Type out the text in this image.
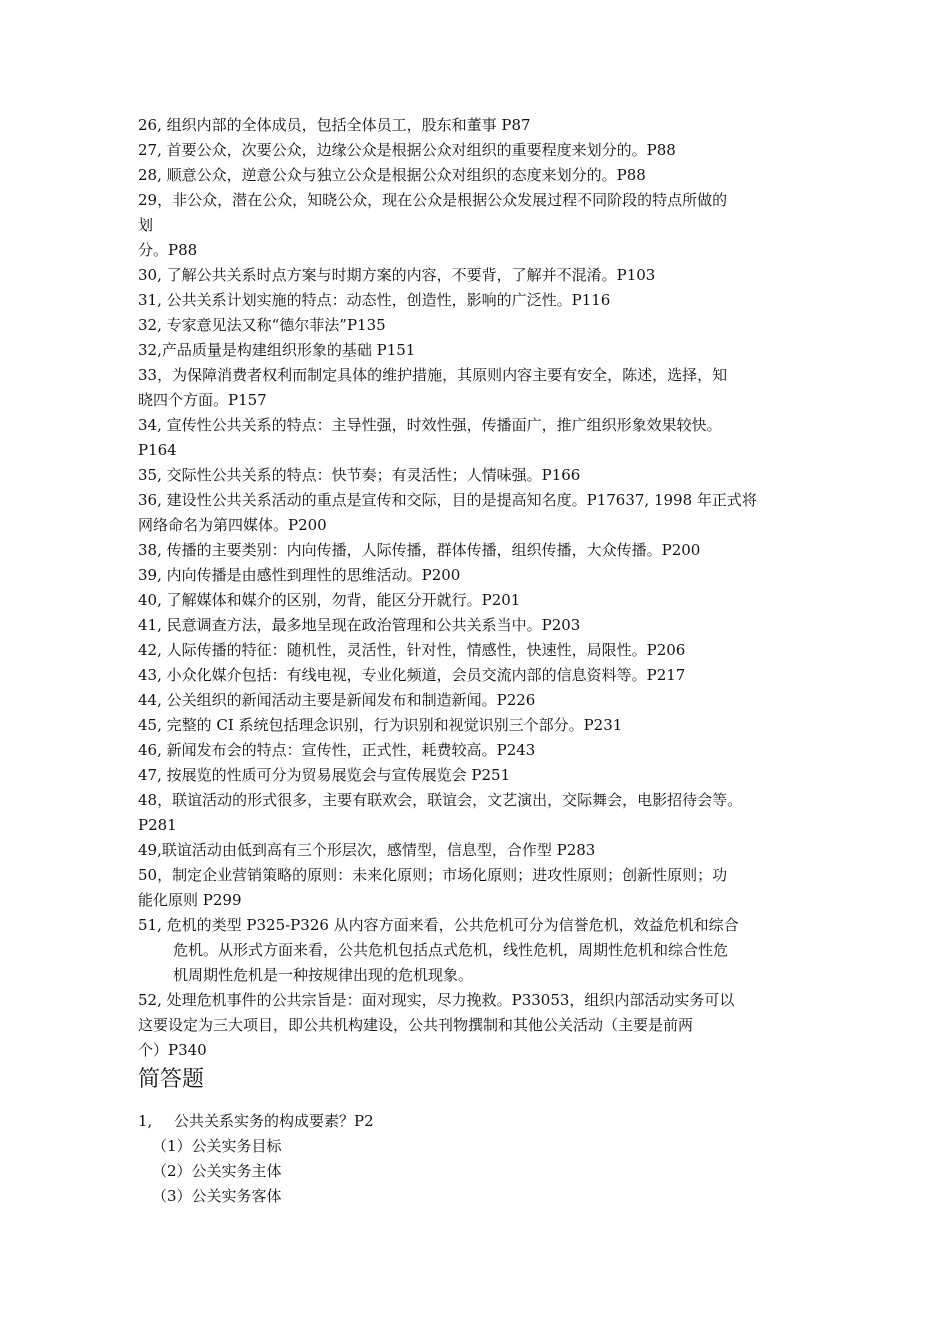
26, 组织内部的全体成员，包括全体员工，股东和董事 P87
27, 首要公众，次要公众，边缘公众是根据公众对组织的重要程度来划分的。P88
28, 顺意公众，逆意公众与独立公众是根据公众对组织的态度来划分的。P88
29，非公众，潜在公众，知晓公众，现在公众是根据公众发展过程不同阶段的特点所做的
划
分。P88
30, 了解公共关系时点方案与时期方案的内容，不要背，了解并不混淆。P103
31, 公共关系计划实施的特点：动态性，创造性，影响的广泛性。P116
32, 专家意见法又称“德尔菲法”P135
32,产品质量是构建组织形象的基础 P151
33，为保障消费者权利而制定具体的维护措施，其原则内容主要有安全，陈述，选择，知
晓四个方面。P157
34, 宣传性公共关系的特点：主导性强，时效性强，传播面广，推广组织形象效果较快。
P164
35, 交际性公共关系的特点：快节奏；有灵活性；人情味强。P166
36, 建设性公共关系活动的重点是宣传和交际，目的是提高知名度。P17637, 1998 年正式将
网络命名为第四媒体。P200
38, 传播的主要类别：内向传播，人际传播，群体传播，组织传播，大众传播。P200
39, 内向传播是由感性到理性的思维活动。P200
40, 了解媒体和媒介的区别，勿背，能区分开就行。P201
41, 民意调查方法，最多地呈现在政治管理和公共关系当中。P203
42, 人际传播的特征：随机性，灵活性，针对性，情感性，快速性，局限性。P206
43, 小众化媒介包括：有线电视，专业化频道，会员交流内部的信息资料等。P217
44, 公关组织的新闻活动主要是新闻发布和制造新闻。P226
45, 完整的 CI 系统包括理念识别，行为识别和视觉识别三个部分。P231
46, 新闻发布会的特点：宣传性，正式性，耗费较高。P243
47, 按展览的性质可分为贸易展览会与宣传展览会 P251
48，联谊活动的形式很多，主要有联欢会，联谊会，文艺演出，交际舞会，电影招待会等。
P281
49,联谊活动由低到高有三个形层次，感情型，信息型，合作型 P283
50，制定企业营销策略的原则：未来化原则；市场化原则；进攻性原则；创新性原则；功
能化原则 P299
51, 危机的类型 P325-P326 从内容方面来看，公共危机可分为信誉危机，效益危机和综合
危机。从形式方面来看，公共危机包括点式危机，线性危机，周期性危机和综合性危
机周期性危机是一种按规律出现的危机现象。
52, 处理危机事件的公共宗旨是：面对现实，尽力挽救。P33053，组织内部活动实务可以
这要设定为三大项目，即公共机构建设，公共刊物撰制和其他公关活动（主要是前两
个）P340
简答题
1, 公共关系实务的构成要素？P2
（1）公关实务目标
（2）公关实务主体
（3）公关实务客体
